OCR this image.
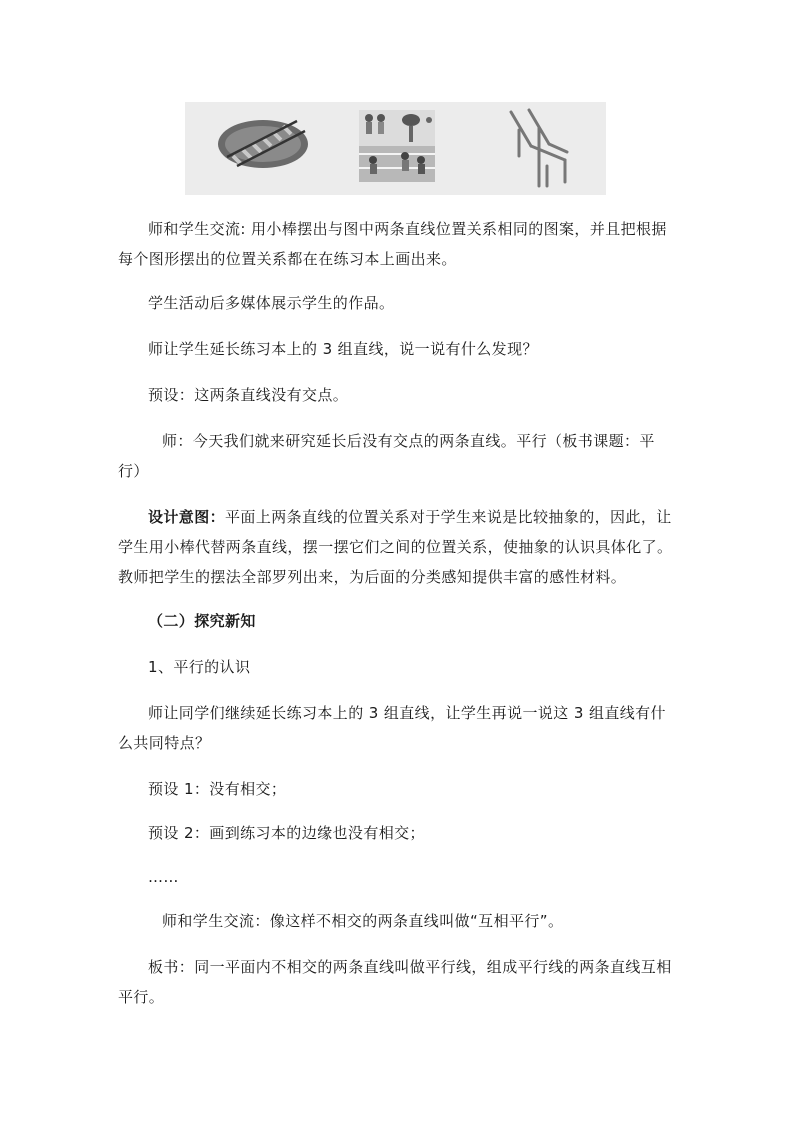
师和学生交流: 用小棒摆出与图中两条直线位置关系相同的图案，并且把根据每个图形摆出的位置关系都在在练习本上画出来。

学生活动后多媒体展示学生的作品。

师让学生延长练习本上的 3 组直线，说一说有什么发现？

预设：这两条直线没有交点。

师：今天我们就来研究延长后没有交点的两条直线。平行（板书课题：平行）

设计意图：平面上两条直线的位置关系对于学生来说是比较抽象的，因此，让学生用小棒代替两条直线，摆一摆它们之间的位置关系，使抽象的认识具体化了。教师把学生的摆法全部罗列出来，为后面的分类感知提供丰富的感性材料。

（二）探究新知

1、平行的认识

师让同学们继续延长练习本上的 3 组直线，让学生再说一说这 3 组直线有什么共同特点？

预设 1：没有相交；

预设 2：画到练习本的边缘也没有相交；

……

师和学生交流：像这样不相交的两条直线叫做“互相平行”。

板书：同一平面内不相交的两条直线叫做平行线，组成平行线的两条直线互相平行。
